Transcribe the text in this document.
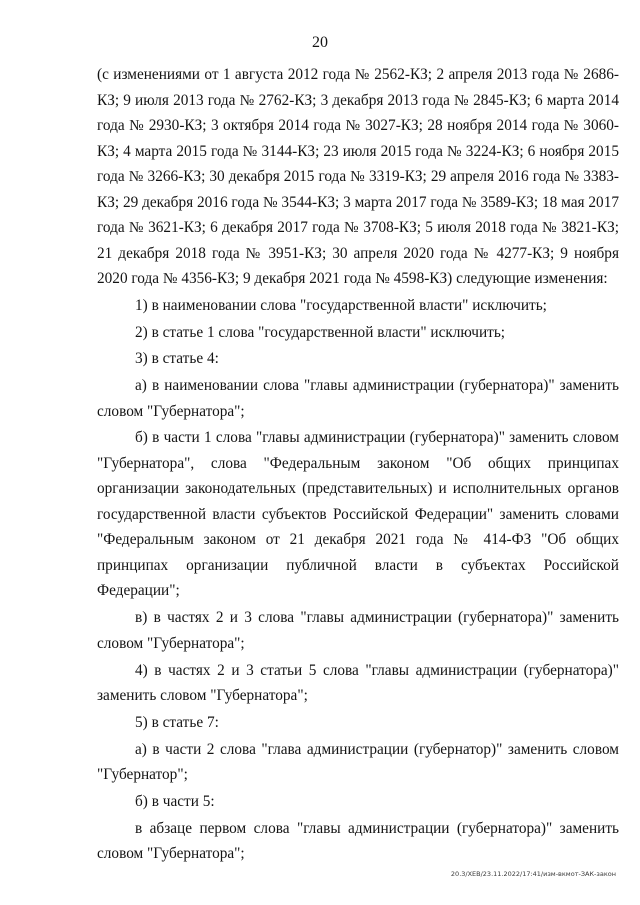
20

(с изменениями от 1 августа 2012 года № 2562-КЗ; 2 апреля 2013 года № 2686-КЗ; 9 июля 2013 года № 2762-КЗ; 3 декабря 2013 года № 2845-КЗ; 6 марта 2014 года № 2930-КЗ; 3 октября 2014 года № 3027-КЗ; 28 ноября 2014 года № 3060-КЗ; 4 марта 2015 года № 3144-КЗ; 23 июля 2015 года № 3224-КЗ; 6 ноября 2015 года № 3266-КЗ; 30 декабря 2015 года № 3319-КЗ; 29 апреля 2016 года № 3383-КЗ; 29 декабря 2016 года № 3544-КЗ; 3 марта 2017 года № 3589-КЗ; 18 мая 2017 года № 3621-КЗ; 6 декабря 2017 года № 3708-КЗ; 5 июля 2018 года № 3821-КЗ; 21 декабря 2018 года № 3951-КЗ; 30 апреля 2020 года № 4277-КЗ; 9 ноября 2020 года № 4356-КЗ; 9 декабря 2021 года № 4598-КЗ) следующие изменения:

1) в наименовании слова "государственной власти" исключить;

2) в статье 1 слова "государственной власти" исключить;

3) в статье 4:

а) в наименовании слова "главы администрации (губернатора)" заменить словом "Губернатора";

б) в части 1 слова "главы администрации (губернатора)" заменить словом "Губернатора", слова "Федеральным законом "Об общих принципах организации законодательных (представительных) и исполнительных органов государственной власти субъектов Российской Федерации" заменить словами "Федеральным законом от 21 декабря 2021 года № 414-ФЗ "Об общих принципах организации публичной власти в субъектах Российской Федерации";

в) в частях 2 и 3 слова "главы администрации (губернатора)" заменить словом "Губернатора";

4) в частях 2 и 3 статьи 5 слова "главы администрации (губернатора)" заменить словом "Губернатора";

5) в статье 7:

а) в части 2 слова "глава администрации (губернатор)" заменить словом "Губернатор";

б) в части 5:

в абзаце первом слова "главы администрации (губернатора)" заменить словом "Губернатора";

20.3/ХЕВ/23.11.2022/17:41/изм-вкмот-ЗАК-закон
